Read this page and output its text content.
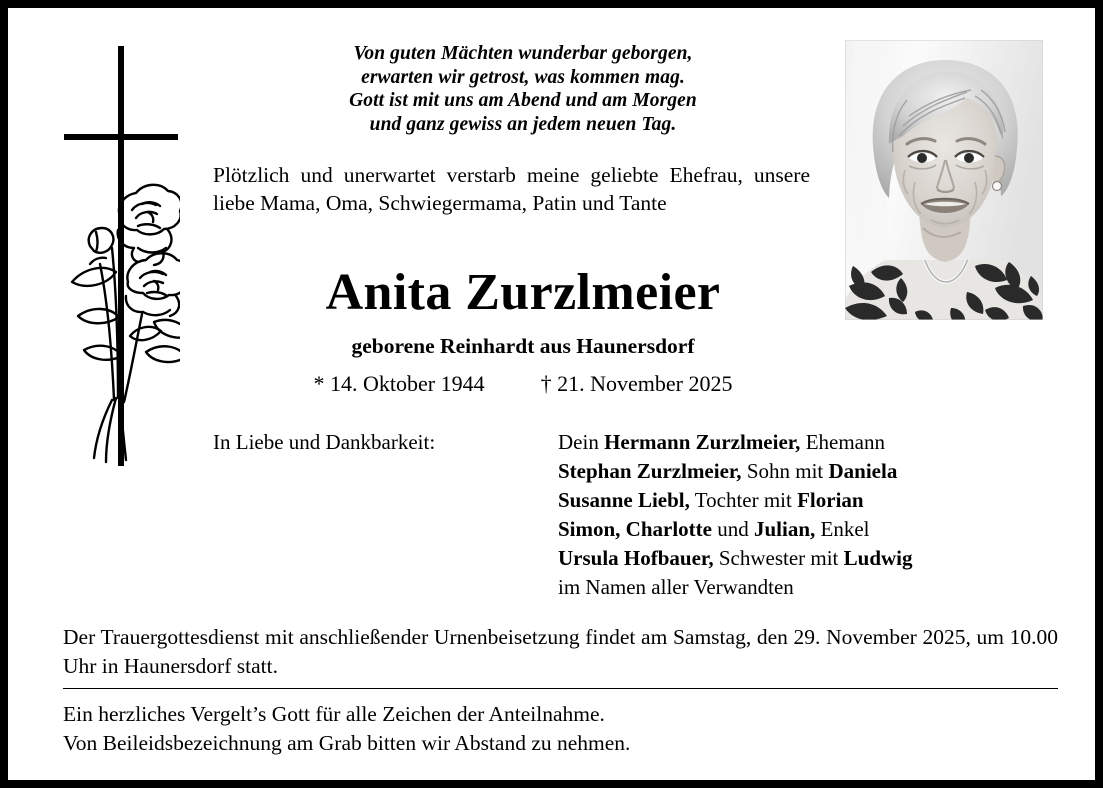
Von guten Mächten wunderbar geborgen,
erwarten wir getrost, was kommen mag.
Gott ist mit uns am Abend und am Morgen
und ganz gewiss an jedem neuen Tag.
Plötzlich und unerwartet verstarb meine geliebte Ehefrau, unsere liebe Mama, Oma, Schwiegermama, Patin und Tante
Anita Zurzlmeier
geborene Reinhardt aus Haunersdorf
* 14. Oktober 1944	† 21. November 2025
In Liebe und Dankbarkeit:	Dein Hermann Zurzlmeier, Ehemann
Stephan Zurzlmeier, Sohn mit Daniela
Susanne Liebl, Tochter mit Florian
Simon, Charlotte und Julian, Enkel
Ursula Hofbauer, Schwester mit Ludwig
im Namen aller Verwandten
Der Trauergottesdienst mit anschließender Urnenbeisetzung findet am Samstag, den 29. November 2025, um 10.00 Uhr in Haunersdorf statt.
Ein herzliches Vergelt’s Gott für alle Zeichen der Anteilnahme.
Von Beileidsbezeichnung am Grab bitten wir Abstand zu nehmen.
